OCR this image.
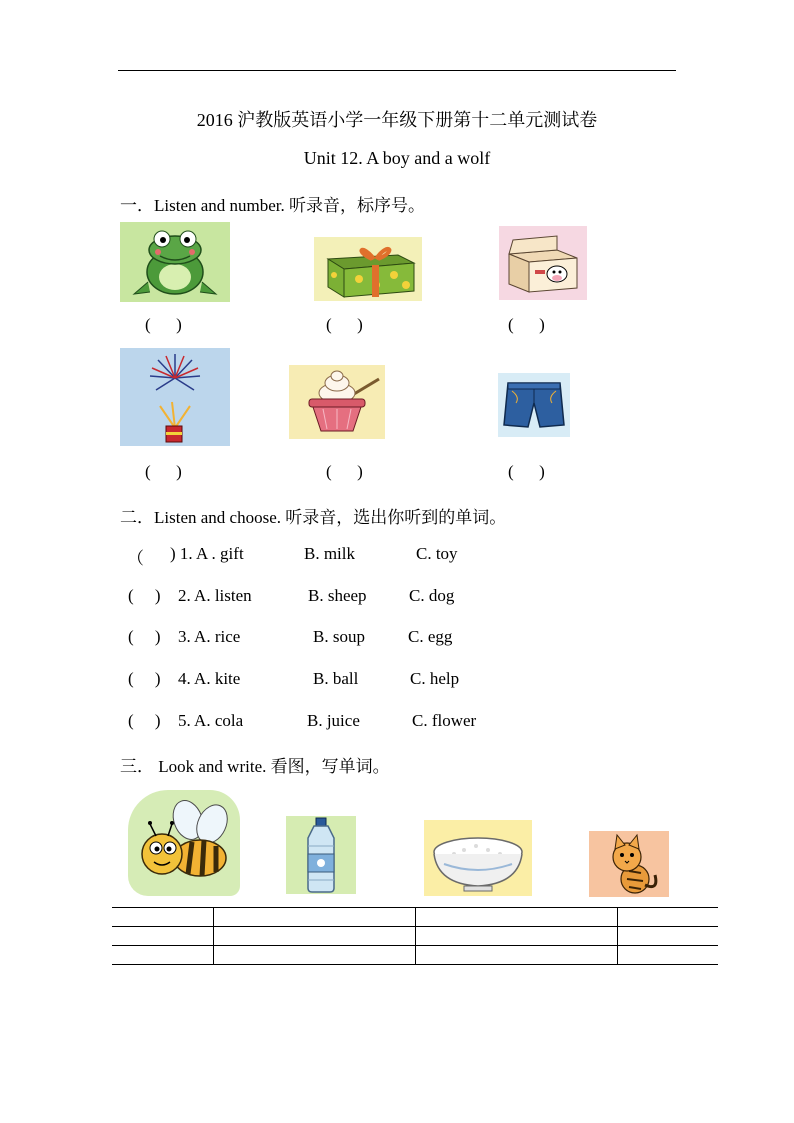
2016 沪教版英语小学一年级下册第十二单元测试卷
Unit 12. A boy and a wolf
一．Listen and number. 听录音，标序号。
(      )	(      )	(      )
(      )	(      )	(      )
二．Listen and choose. 听录音，选出你听到的单词。
（ ) 1. A . gift	B. milk	C. toy
(     ) 2. A. listen	B. sheep C. dog
(     ) 3. A. rice	B. soup	C. egg
(     ) 4. A. kite	B. ball	C. help
(     ) 5. A. cola	B. juice	C. flower
三． Look and write. 看图，写单词。
